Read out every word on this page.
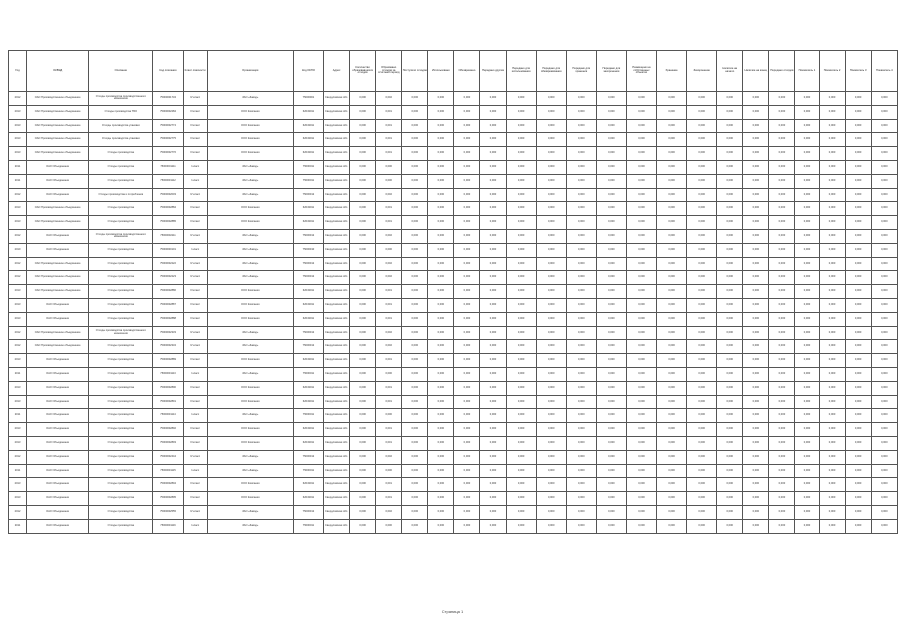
Год	ОКВЭД	Описание	Код описания	Класс опасности	Организация	Код ОКПО	Адрес	Количество образовавшихся отходов	Образовано отходов за отчётный период	Поступило отходов	Использовано	Обезврежено	Передано другим	Передано для использования	Передано для обезвреживания	Передано для хранения	Передано для захоронения	Размещено на собственных объектах	Хранение	Захоронение	Наличие на начало	Наличие на конец	Передано отходов	Показатель 1	Показатель 2	Показатель 3	Показатель 4
2012	ОАО Производственное объединение	Отходы производства производственного назначения	75000001734	IV класс	ЗАО «Завод»	75000001	Свердловская обл.	0,000	0,002	0,000	0,000	0,000	0,000	0,000	0,000	0,000	0,000	0,000	0,000	0,000	0,000	0,000	0,000	0,000	0,000	0,000	0,000
2013	ОАО Производственное объединение	Отходы производства ТБО	75000002284	III класс	ООО Компания	62043011	Свердловская обл.	0,000	0,001	0,000	0,000	0,000	0,000	0,000	0,000	0,000	0,000	0,000	0,000	0,000	0,000	0,000	0,000	0,000	0,000	0,000	0,000
2013	ОАО Производственное объединение	Отходы производства упаковки	75000002774	III класс	ООО Компания	62043011	Свердловская обл.	0,000	0,001	0,000	0,000	0,000	0,000	0,000	0,000	0,000	0,000	0,000	0,000	0,000	0,000	0,000	0,000	0,000	0,000	0,000	0,000
2013	ОАО Производственное объединение	Отходы производства упаковки	75000002775	III класс	ООО Компания	62043011	Свердловская обл.	0,000	0,001	0,000	0,000	0,000	0,000	0,000	0,000	0,000	0,000	0,000	0,000	0,000	0,000	0,000	0,000	0,000	0,000	0,000	0,000
2013	ОАО Производственное объединение	Отходы производства	75000002776	III класс	ООО Компания	62043011	Свердловская обл.	0,000	0,001	0,000	0,000	0,000	0,000	0,000	0,000	0,000	0,000	0,000	0,000	0,000	0,000	0,000	0,000	0,000	0,000	0,000	0,000
2011	ОАО Объединение	Отходы производства	75000001111	I класс	ЗАО «Завод»	75000011	Свердловская обл.	0,000	0,000	0,000	0,000	0,000	0,000	0,000	0,000	0,000	0,000	0,000	0,000	0,000	0,000	0,000	0,000	0,000	0,000	0,000	0,000
2011	ОАО Объединение	Отходы производства	75000001112	I класс	ЗАО «Завод»	75000011	Свердловская обл.	0,000	0,000	0,000	0,000	0,000	0,000	0,000	0,000	0,000	0,000	0,000	0,000	0,000	0,000	0,000	0,000	0,000	0,000	0,000	0,000
2012	ОАО Объединение	Отходы производства и потребления	75000002003	IV класс	ЗАО «Завод»	75000012	Свердловская обл.	0,000	0,002	0,000	0,000	0,000	0,000	0,000	0,000	0,000	0,000	0,000	0,000	0,000	0,000	0,000	0,000	0,000	0,000	0,000	0,000
2013	ОАО Производственное объединение	Отходы производства	75000002884	III класс	ООО Компания	62043011	Свердловская обл.	0,000	0,001	0,000	0,000	0,000	0,000	0,000	0,000	0,000	0,000	0,000	0,000	0,000	0,000	0,000	0,000	0,000	0,000	0,000	0,000
2013	ОАО Производственное объединение	Отходы производства	75000002885	III класс	ООО Компания	62043011	Свердловская обл.	0,000	0,001	0,000	0,000	0,000	0,000	0,000	0,000	0,000	0,000	0,000	0,000	0,000	0,000	0,000	0,000	0,000	0,000	0,000	0,000
2012	ОАО Объединение	Отходы производства производственного назначения	75000002111	IV класс	ЗАО «Завод»	75000012	Свердловская обл.	0,000	0,002	0,000	0,000	0,000	0,000	0,000	0,000	0,000	0,000	0,000	0,000	0,000	0,000	0,000	0,000	0,000	0,000	0,000	0,000
2010	ОАО Объединение	Отходы производства	75000000101	I класс	ЗАО «Завод»	75000010	Свердловская обл.	0,000	0,000	0,000	0,000	0,000	0,000	0,000	0,000	0,000	0,000	0,000	0,000	0,000	0,000	0,000	0,000	0,000	0,000	0,000	0,000
2012	ОАО Производственное объединение	Отходы производства	75000002222	IV класс	ЗАО «Завод»	75000012	Свердловская обл.	0,000	0,002	0,000	0,000	0,000	0,000	0,000	0,000	0,000	0,000	0,000	0,000	0,000	0,000	0,000	0,000	0,000	0,000	0,000	0,000
2012	ОАО Производственное объединение	Отходы производства	75000002223	IV класс	ЗАО «Завод»	75000012	Свердловская обл.	0,000	0,002	0,000	0,000	0,000	0,000	0,000	0,000	0,000	0,000	0,000	0,000	0,000	0,000	0,000	0,000	0,000	0,000	0,000	0,000
2013	ОАО Производственное объединение	Отходы производства	75000002886	III класс	ООО Компания	62043011	Свердловская обл.	0,000	0,001	0,000	0,000	0,000	0,000	0,000	0,000	0,000	0,000	0,000	0,000	0,000	0,000	0,000	0,000	0,000	0,000	0,000	0,000
2013	ОАО Объединение	Отходы производства	75000002887	III класс	ООО Компания	62043011	Свердловская обл.	0,000	0,001	0,000	0,000	0,000	0,000	0,000	0,000	0,000	0,000	0,000	0,000	0,000	0,000	0,000	0,000	0,000	0,000	0,000	0,000
2013	ОАО Объединение	Отходы производства	75000002888	III класс	ООО Компания	62043011	Свердловская обл.	0,000	0,001	0,000	0,000	0,000	0,000	0,000	0,000	0,000	0,000	0,000	0,000	0,000	0,000	0,000	0,000	0,000	0,000	0,000	0,000
2012	ОАО Производственное объединение	Отходы производства производственного назначения	75000002333	IV класс	ЗАО «Завод»	75000012	Свердловская обл.	0,000	0,002	0,000	0,000	0,000	0,000	0,000	0,000	0,000	0,000	0,000	0,000	0,000	0,000	0,000	0,000	0,000	0,000	0,000	0,000
2012	ОАО Производственное объединение	Отходы производства	75000002334	IV класс	ЗАО «Завод»	75000012	Свердловская обл.	0,000	0,002	0,000	0,000	0,000	0,000	0,000	0,000	0,000	0,000	0,000	0,000	0,000	0,000	0,000	0,000	0,000	0,000	0,000	0,000
2013	ОАО Объединение	Отходы производства	75000002889	III класс	ООО Компания	62043011	Свердловская обл.	0,000	0,001	0,000	0,000	0,000	0,000	0,000	0,000	0,000	0,000	0,000	0,000	0,000	0,000	0,000	0,000	0,000	0,000	0,000	0,000
2011	ОАО Объединение	Отходы производства	75000001113	I класс	ЗАО «Завод»	75000011	Свердловская обл.	0,000	0,000	0,000	0,000	0,000	0,000	0,000	0,000	0,000	0,000	0,000	0,000	0,000	0,000	0,000	0,000	0,000	0,000	0,000	0,000
2013	ОАО Объединение	Отходы производства	75000002890	III класс	ООО Компания	62043011	Свердловская обл.	0,000	0,001	0,000	0,000	0,000	0,000	0,000	0,000	0,000	0,000	0,000	0,000	0,000	0,000	0,000	0,000	0,000	0,000	0,000	0,000
2013	ОАО Объединение	Отходы производства	75000002891	III класс	ООО Компания	62043011	Свердловская обл.	0,000	0,001	0,000	0,000	0,000	0,000	0,000	0,000	0,000	0,000	0,000	0,000	0,000	0,000	0,000	0,000	0,000	0,000	0,000	0,000
2011	ОАО Объединение	Отходы производства	75000001114	I класс	ЗАО «Завод»	75000011	Свердловская обл.	0,000	0,000	0,000	0,000	0,000	0,000	0,000	0,000	0,000	0,000	0,000	0,000	0,000	0,000	0,000	0,000	0,000	0,000	0,000	0,000
2013	ОАО Объединение	Отходы производства	75000002892	III класс	ООО Компания	62043011	Свердловская обл.	0,000	0,001	0,000	0,000	0,000	0,000	0,000	0,000	0,000	0,000	0,000	0,000	0,000	0,000	0,000	0,000	0,000	0,000	0,000	0,000
2013	ОАО Объединение	Отходы производства	75000002893	III класс	ООО Компания	62043011	Свердловская обл.	0,000	0,001	0,000	0,000	0,000	0,000	0,000	0,000	0,000	0,000	0,000	0,000	0,000	0,000	0,000	0,000	0,000	0,000	0,000	0,000
2012	ОАО Объединение	Отходы производства	75000002444	IV класс	ЗАО «Завод»	75000012	Свердловская обл.	0,000	0,002	0,000	0,000	0,000	0,000	0,000	0,000	0,000	0,000	0,000	0,000	0,000	0,000	0,000	0,000	0,000	0,000	0,000	0,000
2011	ОАО Объединение	Отходы производства	75000001115	I класс	ЗАО «Завод»	75000011	Свердловская обл.	0,000	0,000	0,000	0,000	0,000	0,000	0,000	0,000	0,000	0,000	0,000	0,000	0,000	0,000	0,000	0,000	0,000	0,000	0,000	0,000
2013	ОАО Объединение	Отходы производства	75000002894	III класс	ООО Компания	62043011	Свердловская обл.	0,000	0,001	0,000	0,000	0,000	0,000	0,000	0,000	0,000	0,000	0,000	0,000	0,000	0,000	0,000	0,000	0,000	0,000	0,000	0,000
2013	ОАО Объединение	Отходы производства	75000002895	III класс	ООО Компания	62043011	Свердловская обл.	0,000	0,001	0,000	0,000	0,000	0,000	0,000	0,000	0,000	0,000	0,000	0,000	0,000	0,000	0,000	0,000	0,000	0,000	0,000	0,000
2012	ОАО Объединение	Отходы производства	75000002555	IV класс	ЗАО «Завод»	75000012	Свердловская обл.	0,000	0,002	0,000	0,000	0,000	0,000	0,000	0,000	0,000	0,000	0,000	0,000	0,000	0,000	0,000	0,000	0,000	0,000	0,000	0,000
2011	ОАО Объединение	Отходы производства	75000001116	I класс	ЗАО «Завод»	75000011	Свердловская обл.	0,000	0,000	0,000	0,000	0,000	0,000	0,000	0,000	0,000	0,000	0,000	0,000	0,000	0,000	0,000	0,000	0,000	0,000	0,000	0,000
Страница 1
